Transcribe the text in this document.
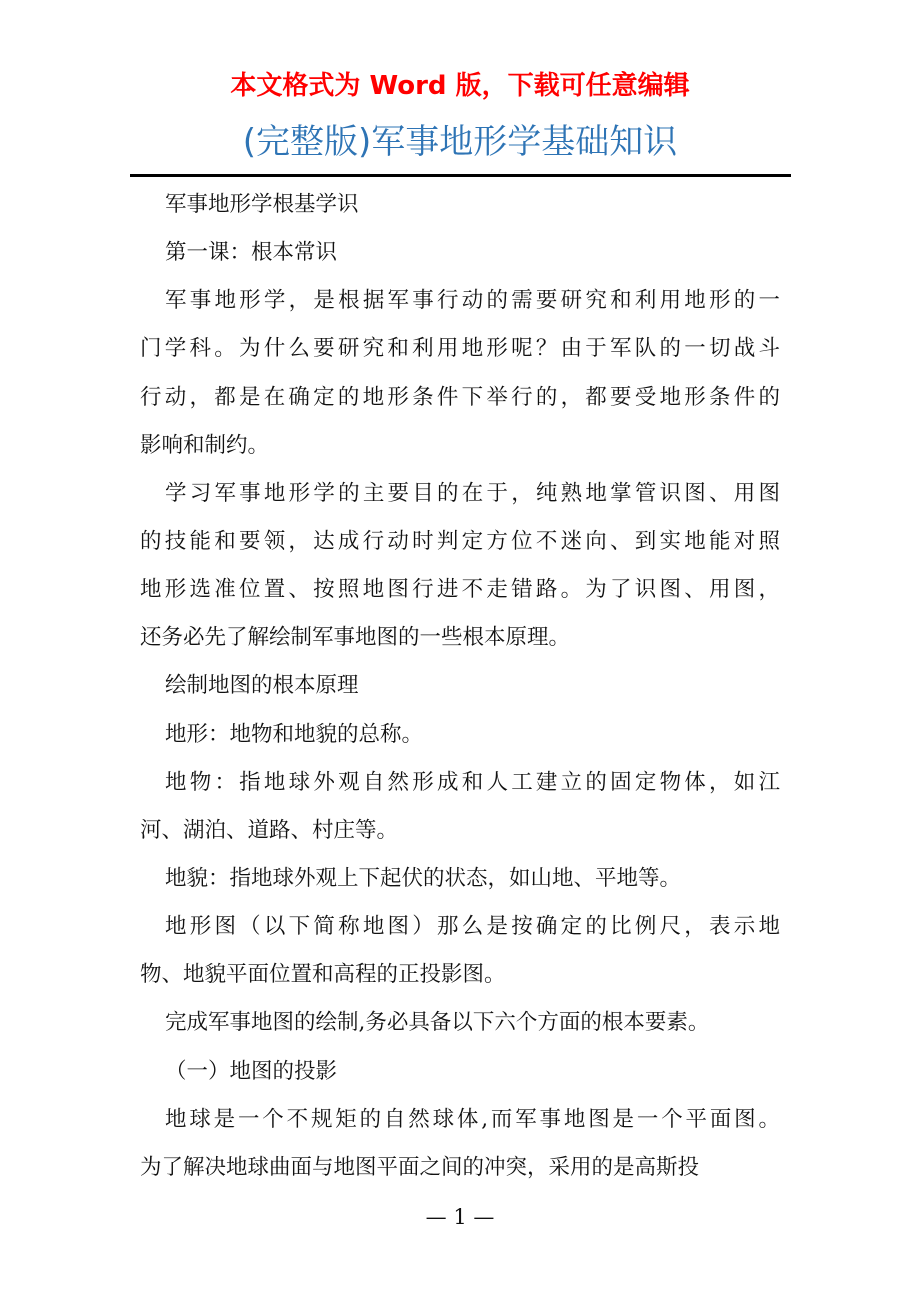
本文格式为 Word 版，下载可任意编辑
(完整版)军事地形学基础知识
军事地形学根基学识
第一课：根本常识
军事地形学，是根据军事行动的需要研究和利用地形的一
门学科。为什么要研究和利用地形呢？由于军队的一切战斗
行动，都是在确定的地形条件下举行的，都要受地形条件的
影响和制约。
学习军事地形学的主要目的在于，纯熟地掌管识图、用图
的技能和要领，达成行动时判定方位不迷向、到实地能对照
地形选准位置、按照地图行进不走错路。为了识图、用图，
还务必先了解绘制军事地图的一些根本原理。
绘制地图的根本原理
地形：地物和地貌的总称。
地物：指地球外观自然形成和人工建立的固定物体，如江
河、湖泊、道路、村庄等。
地貌：指地球外观上下起伏的状态，如山地、平地等。
地形图（以下简称地图）那么是按确定的比例尺，表示地
物、地貌平面位置和高程的正投影图。
完成军事地图的绘制,务必具备以下六个方面的根本要素。
（一）地图的投影
地球是一个不规矩的自然球体,而军事地图是一个平面图。
为了解决地球曲面与地图平面之间的冲突，采用的是高斯投
— 1 —
